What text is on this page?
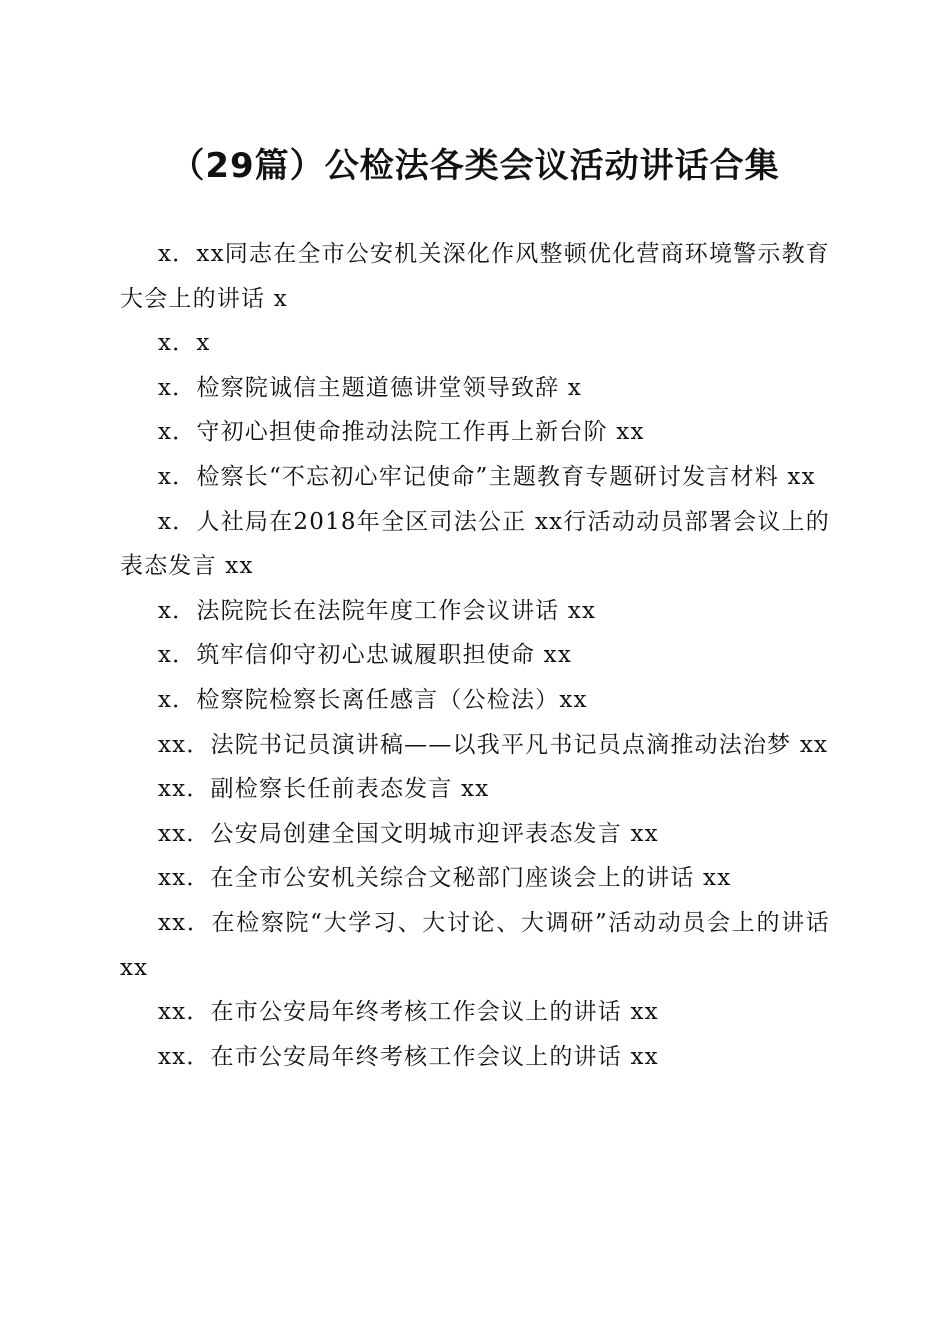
（29篇）公检法各类会议活动讲话合集
x．xx同志在全市公安机关深化作风整顿优化营商环境警示教育大会上的讲话 x
x．x
x．检察院诚信主题道德讲堂领导致辞 x
x．守初心担使命推动法院工作再上新台阶 xx
x．检察长“不忘初心牢记使命”主题教育专题研讨发言材料 xx
x．人社局在2018年全区司法公正 xx行活动动员部署会议上的表态发言 xx
x．法院院长在法院年度工作会议讲话 xx
x．筑牢信仰守初心忠诚履职担使命 xx
x．检察院检察长离任感言（公检法）xx
xx．法院书记员演讲稿——以我平凡书记员点滴推动法治梦 xx
xx．副检察长任前表态发言 xx
xx．公安局创建全国文明城市迎评表态发言 xx
xx．在全市公安机关综合文秘部门座谈会上的讲话 xx
xx．在检察院“大学习、大讨论、大调研”活动动员会上的讲话 xx
xx．在市公安局年终考核工作会议上的讲话 xx
xx．在市公安局年终考核工作会议上的讲话 xx
